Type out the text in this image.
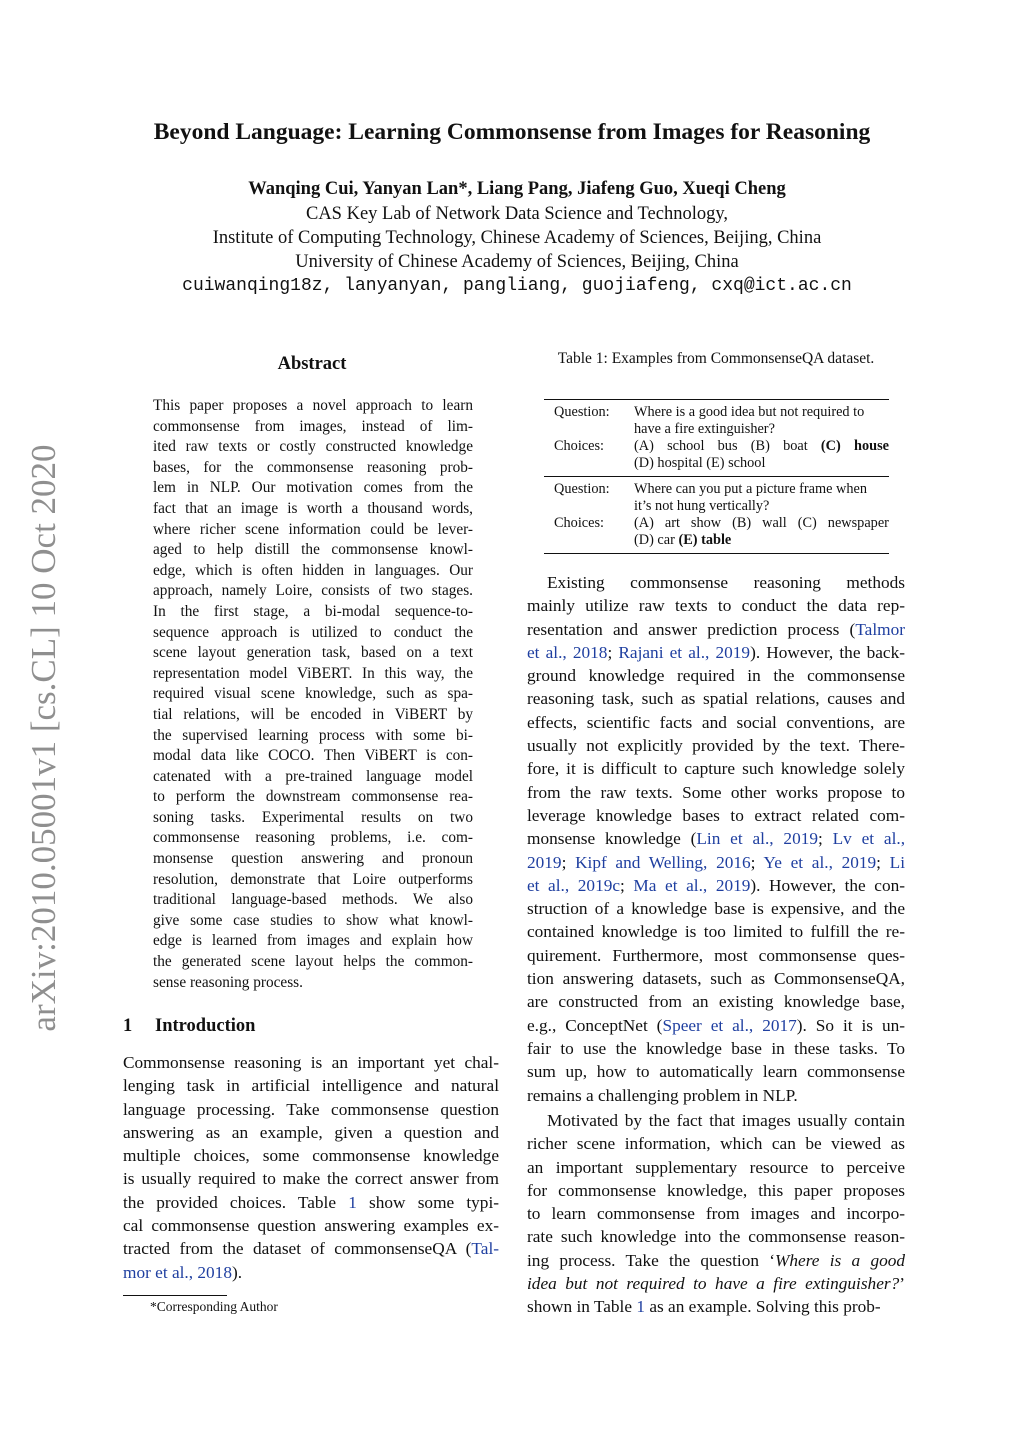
Beyond Language: Learning Commonsense from Images for Reasoning
Wanqing Cui, Yanyan Lan*, Liang Pang, Jiafeng Guo, Xueqi Cheng
CAS Key Lab of Network Data Science and Technology,
Institute of Computing Technology, Chinese Academy of Sciences, Beijing, China
University of Chinese Academy of Sciences, Beijing, China
cuiwanqing18z, lanyanyan, pangliang, guojiafeng, cxq@ict.ac.cn
arXiv:2010.05001v1 [cs.CL] 10 Oct 2020
Abstract

This paper proposes a novel approach to learn
commonsense from images, instead of lim-
ited raw texts or costly constructed knowledge
bases, for the commonsense reasoning prob-
lem in NLP. Our motivation comes from the
fact that an image is worth a thousand words,
where richer scene information could be lever-
aged to help distill the commonsense knowl-
edge, which is often hidden in languages. Our
approach, namely Loire, consists of two stages.
In the first stage, a bi-modal sequence-to-
sequence approach is utilized to conduct the
scene layout generation task, based on a text
representation model ViBERT. In this way, the
required visual scene knowledge, such as spa-
tial relations, will be encoded in ViBERT by
the supervised learning process with some bi-
modal data like COCO. Then ViBERT is con-
catenated with a pre-trained language model
to perform the downstream commonsense rea-
soning tasks. Experimental results on two
commonsense reasoning problems, i.e. com-
monsense question answering and pronoun
resolution, demonstrate that Loire outperforms
traditional language-based methods. We also
give some case studies to show what knowl-
edge is learned from images and explain how
the generated scene layout helps the common-
sense reasoning process.

1 Introduction

Commonsense reasoning is an important yet chal-
lenging task in artificial intelligence and natural
language processing. Take commonsense question
answering as an example, given a question and
multiple choices, some commonsense knowledge
is usually required to make the correct answer from
the provided choices. Table 1 show some typi-
cal commonsense question answering examples ex-
tracted from the dataset of commonsenseQA (Tal-
mor et al., 2018).

*Corresponding Author
Table 1: Examples from CommonsenseQA dataset.
Question:	Where is a good idea but not required to
have a fire extinguisher?
Choices:	(A) school bus (B) boat (C) house
(D) hospital (E) school
Question:	Where can you put a picture frame when
it’s not hung vertically?
Choices:	(A) art show (B) wall (C) newspaper
(D) car (E) table

Existing commonsense reasoning methods
mainly utilize raw texts to conduct the data rep-
resentation and answer prediction process (Talmor
et al., 2018; Rajani et al., 2019). However, the back-
ground knowledge required in the commonsense
reasoning task, such as spatial relations, causes and
effects, scientific facts and social conventions, are
usually not explicitly provided by the text. There-
fore, it is difficult to capture such knowledge solely
from the raw texts. Some other works propose to
leverage knowledge bases to extract related com-
monsense knowledge (Lin et al., 2019; Lv et al.,
2019; Kipf and Welling, 2016; Ye et al., 2019; Li
et al., 2019c; Ma et al., 2019). However, the con-
struction of a knowledge base is expensive, and the
contained knowledge is too limited to fulfill the re-
quirement. Furthermore, most commonsense ques-
tion answering datasets, such as CommonsenseQA,
are constructed from an existing knowledge base,
e.g., ConceptNet (Speer et al., 2017). So it is un-
fair to use the knowledge base in these tasks. To
sum up, how to automatically learn commonsense
remains a challenging problem in NLP.

Motivated by the fact that images usually contain
richer scene information, which can be viewed as
an important supplementary resource to perceive
for commonsense knowledge, this paper proposes
to learn commonsense from images and incorpo-
rate such knowledge into the commonsense reason-
ing process. Take the question ‘Where is a good
idea but not required to have a fire extinguisher?’
shown in Table 1 as an example. Solving this prob-
